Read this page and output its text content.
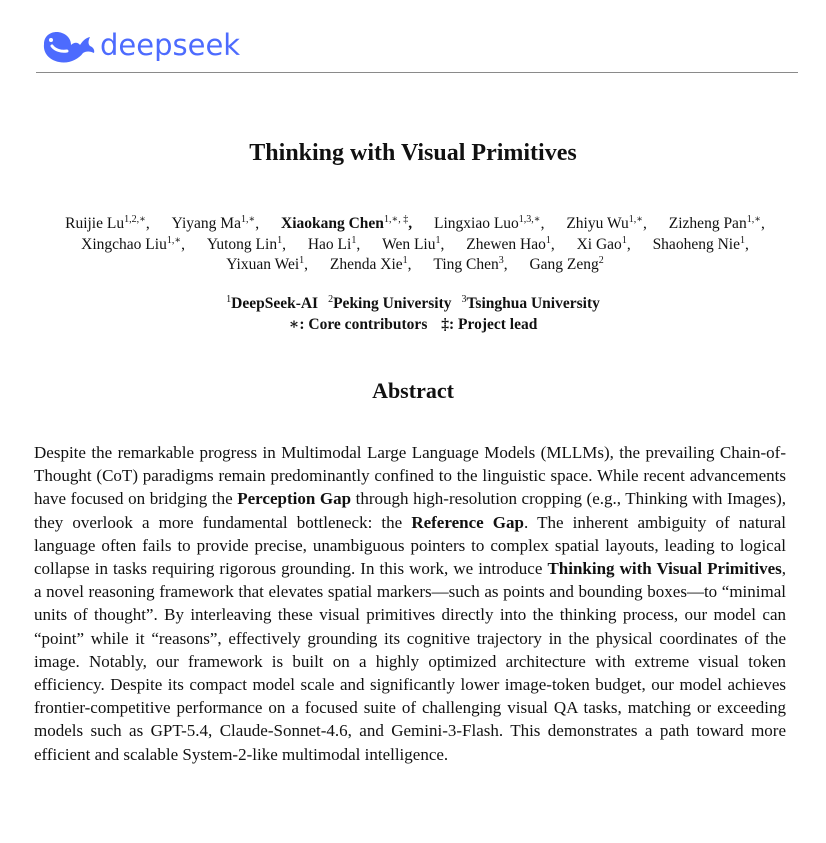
deepseek
Thinking with Visual Primitives
Ruijie $Lu^{1,2,∗}$, Yiyang $Ma^{1,∗}$, Xiaokang Chen$^{1,∗, \ddagger}$, Lingxiao Luo$^{1,3,∗}$, Zhiyu $Wu^{1,∗}$, Zizheng Pan$^{1,∗}$, Xingchao Liu$^{1,∗}$, Yutong Lin$^1$, Hao Li$^1$, Wen Liu$^1$, Zhewen Hao$^1$, Xi Gao$^1$, Shaoheng Nie$^1$, Yixuan Wei$^1$, Zhenda Xie$^1$, Ting Chen$^3$, Gang Zeng$^2$
$^1$DeepSeek-AI $^2$Peking University $^3$Tsinghua University
∗: Core contributors ‡: Project lead
Abstract
Despite the remarkable progress in Multimodal Large Language Models (MLLMs), the prevailing Chain-of-Thought (CoT) paradigms remain predominantly confined to the linguistic space. While recent advancements have focused on bridging the Perception Gap through high-resolution cropping (e.g., Thinking with Images), they overlook a more fundamental bottleneck: the Reference Gap. The inherent ambiguity of natural language often fails to provide precise, unambiguous pointers to complex spatial layouts, leading to logical collapse in tasks requiring rigorous grounding. In this work, we introduce Thinking with Visual Primitives, a novel reasoning framework that elevates spatial markers—such as points and bounding boxes—to “minimal units of thought”. By interleaving these visual primitives directly into the thinking process, our model can “point” while it “reasons”, effectively grounding its cognitive trajectory in the physical coordinates of the image. Notably, our framework is built on a highly optimized architecture with extreme visual token efficiency. Despite its compact model scale and significantly lower image-token budget, our model achieves frontier-competitive performance on a focused suite of challenging visual QA tasks, matching or exceeding models such as GPT-5.4, Claude-Sonnet-4.6, and Gemini-3-Flash. This demonstrates a path toward more efficient and scalable System-2-like multimodal intelligence.
